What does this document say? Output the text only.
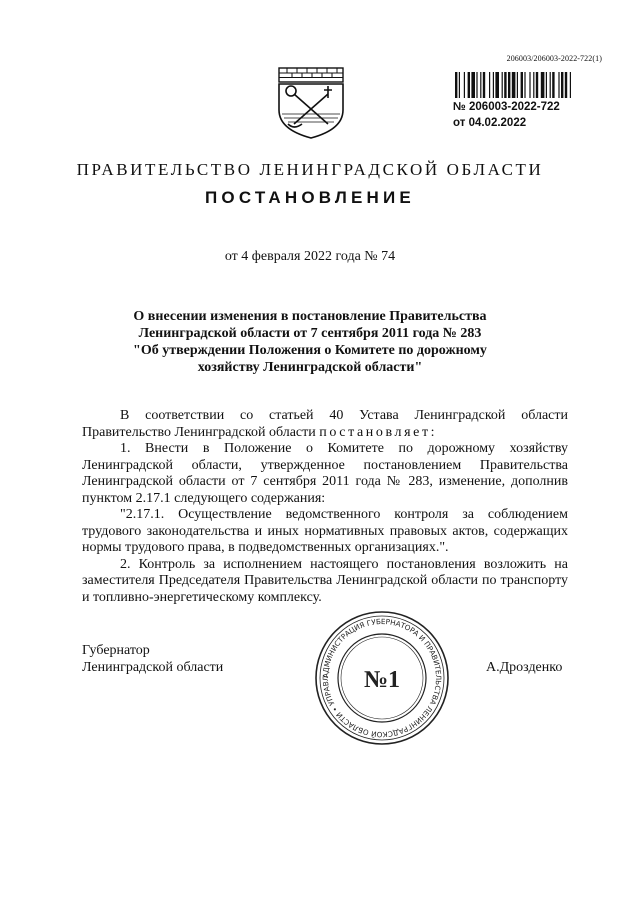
206003/206003-2022-722(1)
№ 206003-2022-722
от 04.02.2022
ПРАВИТЕЛЬСТВО ЛЕНИНГРАДСКОЙ ОБЛАСТИ
ПОСТАНОВЛЕНИЕ
от 4 февраля 2022 года № 74
О внесении изменения в постановление Правительства
Ленинградской области от 7 сентября 2011 года № 283
"Об утверждении Положения о Комитете по дорожному
хозяйству Ленинградской области"

В соответствии со статьей 40 Устава Ленинградской области Правительство Ленинградской области постановляет:

1. Внести в Положение о Комитете по дорожному хозяйству Ленинградской области, утвержденное постановлением Правительства Ленинградской области от 7 сентября 2011 года № 283, изменение, дополнив пунктом 2.17.1 следующего содержания:

"2.17.1. Осуществление ведомственного контроля за соблюдением трудового законодательства и иных нормативных правовых актов, содержащих нормы трудового права, в подведомственных организациях.".

2. Контроль за исполнением настоящего постановления возложить на заместителя Председателя Правительства Ленинградской области по транспорту и топливно-энергетическому комплексу.

Губернатор
Ленинградской области
АДМИНИСТРАЦИЯ ГУБЕРНАТОРА И ПРАВИТЕЛЬСТВА ЛЕНИНГРАДСКОЙ ОБЛАСТИ • УПРАВЛ	№1	А.Дрозденко
